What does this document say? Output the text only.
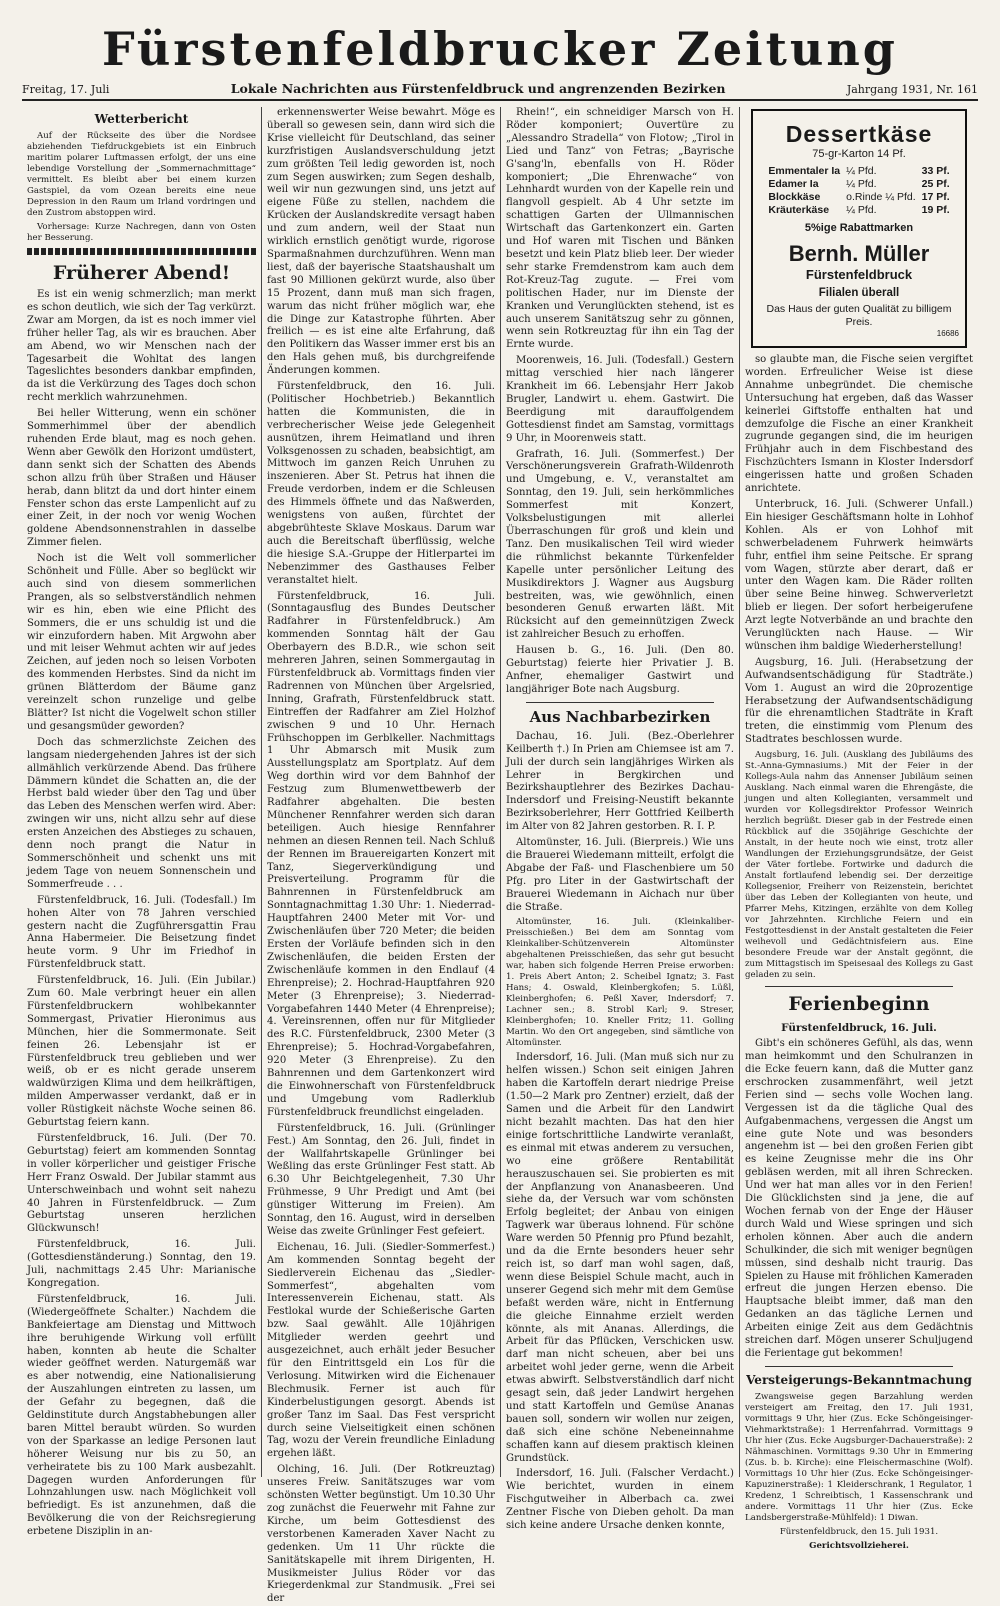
Fürstenfeldbrucker Zeitung
Freitag, 17. Juli	Lokale Nachrichten aus Fürstenfeldbruck und angrenzenden Bezirken	Jahrgang 1931, Nr. 161
Wetterbericht

Auf der Rückseite des über die Nordsee abziehenden Tiefdruckgebiets ist ein Einbruch maritim polarer Luftmassen erfolgt, der uns eine lebendige Vorstellung der „Sommernachmittage“ vermittelt. Es bleibt aber bei einem kurzen Gastspiel, da vom Ozean bereits eine neue Depression in den Raum um Irland vordringen und den Zustrom abstoppen wird.

Vorhersage: Kurze Nachregen, dann von Osten her Besserung.

Früherer Abend!

Es ist ein wenig schmerzlich; man merkt es schon deutlich, wie sich der Tag verkürzt. Zwar am Morgen, da ist es noch immer viel früher heller Tag, als wir es brauchen. Aber am Abend, wo wir Menschen nach der Tagesarbeit die Wohltat des langen Tageslichtes besonders dankbar empfinden, da ist die Verkürzung des Tages doch schon recht merklich wahrzunehmen.

Bei heller Witterung, wenn ein schöner Sommerhimmel über der abendlich ruhenden Erde blaut, mag es noch gehen. Wenn aber Gewölk den Horizont umdüstert, dann senkt sich der Schatten des Abends schon allzu früh über Straßen und Häuser herab, dann blitzt da und dort hinter einem Fenster schon das erste Lampenlicht auf zu einer Zeit, in der noch vor wenig Wochen goldene Abendsonnenstrahlen in dasselbe Zimmer fielen.

Noch ist die Welt voll sommerlicher Schönheit und Fülle. Aber so beglückt wir auch sind von diesem sommerlichen Prangen, als so selbstverständlich nehmen wir es hin, eben wie eine Pflicht des Sommers, die er uns schuldig ist und die wir einzufordern haben. Mit Argwohn aber und mit leiser Wehmut achten wir auf jedes Zeichen, auf jeden noch so leisen Vorboten des kommenden Herbstes. Sind da nicht im grünen Blätterdom der Bäume ganz vereinzelt schon runzelige und gelbe Blätter? Ist nicht die Vogelwelt schon stiller und gesangsmüder geworden?

Doch das schmerzlichste Zeichen des langsam niedergehenden Jahres ist der sich allmählich verkürzende Abend. Das frühere Dämmern kündet die Schatten an, die der Herbst bald wieder über den Tag und über das Leben des Menschen werfen wird. Aber: zwingen wir uns, nicht allzu sehr auf diese ersten Anzeichen des Abstieges zu schauen, denn noch prangt die Natur in Sommerschönheit und schenkt uns mit jedem Tage von neuem Sonnenschein und Sommerfreude . . .

Fürstenfeldbruck, 16. Juli. (Todesfall.) Im hohen Alter von 78 Jahren verschied gestern nacht die Zugführersgattin Frau Anna Habermeier. Die Beisetzung findet heute vorm. 9 Uhr im Friedhof in Fürstenfeldbruck statt.

Fürstenfeldbruck, 16. Juli. (Ein Jubilar.) Zum 60. Male verbringt heuer ein allen Fürstenfeldbruckern wohlbekannter Sommergast, Privatier Hieronimus aus München, hier die Sommermonate. Seit feinen 26. Lebensjahr ist er Fürstenfeldbruck treu geblieben und wer weiß, ob er es nicht gerade unserem waldwürzigen Klima und dem heilkräftigen, milden Amperwasser verdankt, daß er in voller Rüstigkeit nächste Woche seinen 86. Geburtstag feiern kann.

Fürstenfeldbruck, 16. Juli. (Der 70. Geburtstag) feiert am kommenden Sonntag in voller körperlicher und geistiger Frische Herr Franz Oswald. Der Jubilar stammt aus Unterschweinbach und wohnt seit nahezu 40 Jahren in Fürstenfeldbruck. — Zum Geburtstag unseren herzlichen Glückwunsch!

Fürstenfeldbruck, 16. Juli. (Gottesdienständerung.) Sonntag, den 19. Juli, nachmittags 2.45 Uhr: Marianische Kongregation.

Fürstenfeldbruck, 16. Juli. (Wiedergeöffnete Schalter.) Nachdem die Bankfeiertage am Dienstag und Mittwoch ihre beruhigende Wirkung voll erfüllt haben, konnten ab heute die Schalter wieder geöffnet werden. Naturgemäß war es aber notwendig, eine Nationalisierung der Auszahlungen eintreten zu lassen, um der Gefahr zu begegnen, daß die Geldinstitute durch Angstabhebungen aller baren Mittel beraubt würden. So wurden von der Sparkasse an ledige Personen laut höherer Weisung nur bis zu 50, an verheiratete bis zu 100 Mark ausbezahlt. Dagegen wurden Anforderungen für Lohnzahlungen usw. nach Möglichkeit voll befriedigt. Es ist anzunehmen, daß die Bevölkerung die von der Reichsregierung erbetene Disziplin in an-

erkennenswerter Weise bewahrt. Möge es überall so gewesen sein, dann wird sich die Krise vielleicht für Deutschland, das seiner kurzfristigen Auslandsverschuldung jetzt zum größten Teil ledig geworden ist, noch zum Segen auswirken; zum Segen deshalb, weil wir nun gezwungen sind, uns jetzt auf eigene Füße zu stellen, nachdem die Krücken der Auslandskredite versagt haben und zum andern, weil der Staat nun wirklich ernstlich genötigt wurde, rigorose Sparmaßnahmen durchzuführen. Wenn man liest, daß der bayerische Staatshaushalt um fast 90 Millionen gekürzt wurde, also über 15 Prozent, dann muß man sich fragen, warum das nicht früher möglich war, ehe die Dinge zur Katastrophe führten. Aber freilich — es ist eine alte Erfahrung, daß den Politikern das Wasser immer erst bis an den Hals gehen muß, bis durchgreifende Änderungen kommen.

Fürstenfeldbruck, den 16. Juli. (Politischer Hochbetrieb.) Bekanntlich hatten die Kommunisten, die in verbrecherischer Weise jede Gelegenheit ausnützen, ihrem Heimatland und ihren Volksgenossen zu schaden, beabsichtigt, am Mittwoch im ganzen Reich Unruhen zu inszenieren. Aber St. Petrus hat ihnen die Freude verdorben, indem er die Schleusen des Himmels öffnete und das Naßwerden, wenigstens von außen, fürchtet der abgebrühteste Sklave Moskaus. Darum war auch die Bereitschaft überflüssig, welche die hiesige S.A.-Gruppe der Hitlerpartei im Nebenzimmer des Gasthauses Felber veranstaltet hielt.

Fürstenfeldbruck, 16. Juli. (Sonntagausflug des Bundes Deutscher Radfahrer in Fürstenfeldbruck.) Am kommenden Sonntag hält der Gau Oberbayern des B.D.R., wie schon seit mehreren Jahren, seinen Sommergautag in Fürstenfeldbruck ab. Vormittags finden vier Radrennen von München über Argelsried, Inning, Grafrath, Fürstenfeldbruck statt. Eintreffen der Radfahrer am Ziel Holzhof zwischen 9 und 10 Uhr. Hernach Frühschoppen im Gerblkeller. Nachmittags 1 Uhr Abmarsch mit Musik zum Ausstellungsplatz am Sportplatz. Auf dem Weg dorthin wird vor dem Bahnhof der Festzug zum Blumenwettbewerb der Radfahrer abgehalten. Die besten Münchener Rennfahrer werden sich daran beteiligen. Auch hiesige Rennfahrer nehmen an diesen Rennen teil. Nach Schluß der Rennen im Brauereigarten Konzert mit Tanz, Siegerverkündigung und Preisverteilung. Programm für die Bahnrennen in Fürstenfeldbruck am Sonntagnachmittag 1.30 Uhr: 1. Niederrad-Hauptfahren 2400 Meter mit Vor- und Zwischenläufen über 720 Meter; die beiden Ersten der Vorläufe befinden sich in den Zwischenläufen, die beiden Ersten der Zwischenläufe kommen in den Endlauf (4 Ehrenpreise); 2. Hochrad-Hauptfahren 920 Meter (3 Ehrenpreise); 3. Niederrad-Vorgabefahren 1440 Meter (4 Ehrenpreise); 4. Vereinsrennen, offen nur für Mitglieder des R.C. Fürstenfeldbruck, 2300 Meter (3 Ehrenpreise); 5. Hochrad-Vorgabefahren, 920 Meter (3 Ehrenpreise). Zu den Bahnrennen und dem Gartenkonzert wird die Einwohnerschaft von Fürstenfeldbruck und Umgebung vom Radlerklub Fürstenfeldbruck freundlichst eingeladen.

Fürstenfeldbruck, 16. Juli. (Grünlinger Fest.) Am Sonntag, den 26. Juli, findet in der Wallfahrtskapelle Grünlinger bei Weßling das erste Grünlinger Fest statt. Ab 6.30 Uhr Beichtgelegenheit, 7.30 Uhr Frühmesse, 9 Uhr Predigt und Amt (bei günstiger Witterung im Freien). Am Sonntag, den 16. August, wird in derselben Weise das zweite Grünlinger Fest gefeiert.

Eichenau, 16. Juli. (Siedler-Sommerfest.) Am kommenden Sonntag begeht der Siedlerverein Eichenau das „Siedler-Sommerfest“, abgehalten vom Interessenverein Eichenau, statt. Als Festlokal wurde der Schießerische Garten bzw. Saal gewählt. Alle 10jährigen Mitglieder werden geehrt und ausgezeichnet, auch erhält jeder Besucher für den Eintrittsgeld ein Los für die Verlosung. Mitwirken wird die Eichenauer Blechmusik. Ferner ist auch für Kinderbelustigungen gesorgt. Abends ist großer Tanz im Saal. Das Fest verspricht durch seine Vielseitigkeit einen schönen Tag, wozu der Verein freundliche Einladung ergehen läßt.

Olching, 16. Juli. (Der Rotkreuztag) unseres Freiw. Sanitätszuges war vom schönsten Wetter begünstigt. Um 10.30 Uhr zog zunächst die Feuerwehr mit Fahne zur Kirche, um beim Gottesdienst des verstorbenen Kameraden Xaver Nacht zu gedenken. Um 11 Uhr rückte die Sanitätskapelle mit ihrem Dirigenten, H. Musikmeister Julius Röder vor das Kriegerdenkmal zur Standmusik. „Frei sei der

Rhein!“, ein schneidiger Marsch von H. Röder komponiert; Ouvertüre zu „Alessandro Stradella“ von Flotow; „Tirol in Lied und Tanz“ von Fetras; „Bayrische G'sang'ln, ebenfalls von H. Röder komponiert; „Die Ehrenwache“ von Lehnhardt wurden von der Kapelle rein und flangvoll gespielt. Ab 4 Uhr setzte im schattigen Garten der Ullmannischen Wirtschaft das Gartenkonzert ein. Garten und Hof waren mit Tischen und Bänken besetzt und kein Platz blieb leer. Der wieder sehr starke Fremdenstrom kam auch dem Rot-Kreuz-Tag zugute. — Frei vom politischen Hader, nur im Dienste der Kranken und Verunglückten stehend, ist es auch unserem Sanitätszug sehr zu gönnen, wenn sein Rotkreuztag für ihn ein Tag der Ernte wurde.

Moorenweis, 16. Juli. (Todesfall.) Gestern mittag verschied hier nach längerer Krankheit im 66. Lebensjahr Herr Jakob Brugler, Landwirt u. ehem. Gastwirt. Die Beerdigung mit darauffolgendem Gottesdienst findet am Samstag, vormittags 9 Uhr, in Moorenweis statt.

Grafrath, 16. Juli. (Sommerfest.) Der Verschönerungsverein Grafrath-Wildenroth und Umgebung, e. V., veranstaltet am Sonntag, den 19. Juli, sein herkömmliches Sommerfest mit Konzert, Volksbelustigungen mit allerlei Überraschungen für groß und klein und Tanz. Den musikalischen Teil wird wieder die rühmlichst bekannte Türkenfelder Kapelle unter persönlicher Leitung des Musikdirektors J. Wagner aus Augsburg bestreiten, was, wie gewöhnlich, einen besonderen Genuß erwarten läßt. Mit Rücksicht auf den gemeinnützigen Zweck ist zahlreicher Besuch zu erhoffen.

Hausen b. G., 16. Juli. (Den 80. Geburtstag) feierte hier Privatier J. B. Anfner, ehemaliger Gastwirt und langjähriger Bote nach Augsburg.

Aus Nachbarbezirken

Dachau, 16. Juli. (Bez.-Oberlehrer Keilberth †.) In Prien am Chiemsee ist am 7. Juli der durch sein langjähriges Wirken als Lehrer in Bergkirchen und Bezirkshauptlehrer des Bezirkes Dachau-Indersdorf und Freising-Neustift bekannte Bezirksoberlehrer, Herr Gottfried Keilberth im Alter von 82 Jahren gestorben. R. I. P.

Altomünster, 16. Juli. (Bierpreis.) Wie uns die Brauerei Wiedemann mitteilt, erfolgt die Abgabe der Faß- und Flaschenbiere um 50 Pfg. pro Liter in der Gastwirtschaft der Brauerei Wiedemann in Aichach nur über die Straße.

Altomünster, 16. Juli. (Kleinkaliber-Preisschießen.) Bei dem am Sonntag vom Kleinkaliber-Schützenverein Altomünster abgehaltenen Preisschießen, das sehr gut besucht war, haben sich folgende Herren Preise erworben: 1. Preis Abert Anton; 2. Scheibel Ignatz; 3. Fast Hans; 4. Oswald, Kleinbergkofen; 5. Lüßl, Kleinberghofen; 6. Peßl Xaver, Indersdorf; 7. Lachner sen.; 8. Strobl Karl; 9. Streser, Kleinberghofen; 10. Kneller Fritz; 11. Golling Martin. Wo den Ort angegeben, sind sämtliche von Altomünster.

Indersdorf, 16. Juli. (Man muß sich nur zu helfen wissen.) Schon seit einigen Jahren haben die Kartoffeln derart niedrige Preise (1.50—2 Mark pro Zentner) erzielt, daß der Samen und die Arbeit für den Landwirt nicht bezahlt machten. Das hat den hier einige fortschrittliche Landwirte veranlaßt, es einmal mit etwas anderem zu versuchen, wo eine größere Rentabilität herauszuschauen sei. Sie probierten es mit der Anpflanzung von Ananasbeeren. Und siehe da, der Versuch war vom schönsten Erfolg begleitet; der Anbau von einigen Tagwerk war überaus lohnend. Für schöne Ware werden 50 Pfennig pro Pfund bezahlt, und da die Ernte besonders heuer sehr reich ist, so darf man wohl sagen, daß, wenn diese Beispiel Schule macht, auch in unserer Gegend sich mehr mit dem Gemüse befaßt werden wäre, nicht in Entfernung die gleiche Einnahme erzielt werden könnte, als mit Ananas. Allerdings, die Arbeit für das Pflücken, Verschicken usw. darf man nicht scheuen, aber bei uns arbeitet wohl jeder gerne, wenn die Arbeit etwas abwirft. Selbstverständlich darf nicht gesagt sein, daß jeder Landwirt hergehen und statt Kartoffeln und Gemüse Ananas bauen soll, sondern wir wollen nur zeigen, daß sich eine schöne Nebeneinnahme schaffen kann auf diesem praktisch kleinen Grundstück.

Indersdorf, 16. Juli. (Falscher Verdacht.) Wie berichtet, wurden in einem Fischgutweiher in Alberbach ca. zwei Zentner Fische von Dieben geholt. Da man sich keine andere Ursache denken konnte,

Dessertkäse
75-gr-Karton 14 Pf.
Emmentaler Ia	¼ Pfd.	33 Pf.
Edamer Ia	¼ Pfd.	25 Pf.
Blockkäse	o.Rinde ¼ Pfd.	17 Pf.
Kräuterkäse	¼ Pfd.	19 Pf.
5%ige Rabattmarken
Bernh. Müller
Fürstenfeldbruck
Filialen überall
Das Haus der guten Qualität zu billigem Preis.
16686

so glaubte man, die Fische seien vergiftet worden. Erfreulicher Weise ist diese Annahme unbegründet. Die chemische Untersuchung hat ergeben, daß das Wasser keinerlei Giftstoffe enthalten hat und demzufolge die Fische an einer Krankheit zugrunde gegangen sind, die im heurigen Frühjahr auch in dem Fischbestand des Fischzüchters Ismann in Kloster Indersdorf eingerissen hatte und großen Schaden anrichtete.

Unterbruck, 16. Juli. (Schwerer Unfall.) Ein hiesiger Geschäftsmann holte in Lohhof Kohlen. Als er von Lohhof mit schwerbeladenem Fuhrwerk heimwärts fuhr, entfiel ihm seine Peitsche. Er sprang vom Wagen, stürzte aber derart, daß er unter den Wagen kam. Die Räder rollten über seine Beine hinweg. Schwerverletzt blieb er liegen. Der sofort herbeigerufene Arzt legte Notverbände an und brachte den Verunglückten nach Hause. — Wir wünschen ihm baldige Wiederherstellung!

Augsburg, 16. Juli. (Herabsetzung der Aufwandsentschädigung für Stadträte.) Vom 1. August an wird die 20prozentige Herabsetzung der Aufwandsentschädigung für die ehrenamtlichen Stadträte in Kraft treten, die einstimmig vom Plenum des Stadtrates beschlossen wurde.

Augsburg, 16. Juli. (Ausklang des Jubiläums des St.-Anna-Gymnasiums.) Mit der Feier in der Kollegs-Aula nahm das Annenser Jubiläum seinen Ausklang. Nach einmal waren die Ehrengäste, die jungen und alten Kollegianten, versammelt und wurden vor Kollegsdirektor Professor Weinrich herzlich begrüßt. Dieser gab in der Festrede einen Rückblick auf die 350jährige Geschichte der Anstalt, in der heute noch wie einst, trotz aller Wandlungen der Erziehungsgrundsätze, der Geist der Väter fortlebe. Fortwirke und dadurch die Anstalt fortlaufend lebendig sei. Der derzeitige Kollegsenior, Freiherr von Reizenstein, berichtet über das Leben der Kollegianten von heute, und Pfarrer Mehs, Kitzingen, erzählte von dem Kolleg vor Jahrzehnten. Kirchliche Feiern und ein Festgottesdienst in der Anstalt gestalteten die Feier weihevoll und Gedächtnisfeiern aus. Eine besondere Freude war der Anstalt gegönnt, die zum Mittagstisch im Speisesaal des Kollegs zu Gast geladen zu sein.

Ferienbeginn
Fürstenfeldbruck, 16. Juli.

Gibt's ein schöneres Gefühl, als das, wenn man heimkommt und den Schulranzen in die Ecke feuern kann, daß die Mutter ganz erschrocken zusammenfährt, weil jetzt Ferien sind — sechs volle Wochen lang. Vergessen ist da die tägliche Qual des Aufgabenmachens, vergessen die Angst um eine gute Note und was besonders angenehm ist — bei den großen Ferien gibt es keine Zeugnisse mehr die ins Ohr gebläsen werden, mit all ihren Schrecken. Und wer hat man alles vor in den Ferien! Die Glücklichsten sind ja jene, die auf Wochen fernab von der Enge der Häuser durch Wald und Wiese springen und sich erholen können. Aber auch die andern Schulkinder, die sich mit weniger begnügen müssen, sind deshalb nicht traurig. Das Spielen zu Hause mit fröhlichen Kameraden erfreut die jungen Herzen ebenso. Die Hauptsache bleibt immer, daß man den Gedanken an das tägliche Lernen und Arbeiten einige Zeit aus dem Gedächtnis streichen darf. Mögen unserer Schuljugend die Ferientage gut bekommen!

Versteigerungs-Bekanntmachung

Zwangsweise gegen Barzahlung werden versteigert am Freitag, den 17. Juli 1931, vormittags 9 Uhr, hier (Zus. Ecke Schöngeisinger-Viehmarktstraße): 1 Herrenfahrrad. Vormittags 9 Uhr hier (Zus. Ecke Augsburger-Dachauerstraße): 2 Nähmaschinen. Vormittags 9.30 Uhr in Emmering (Zus. b. b. Kirche): eine Fleischermaschine (Wolf). Vormittags 10 Uhr hier (Zus. Ecke Schöngeisinger-Kapuzinerstraße): 1 Kleiderschrank, 1 Regulator, 1 Kredenz, 1 Schreibtisch, 1 Kassenschrank und andere. Vormittags 11 Uhr hier (Zus. Ecke Landsbergerstraße-Mühlfeld): 1 Diwan.

Fürstenfeldbruck, den 15. Juli 1931.

Gerichtsvollzieherei.
